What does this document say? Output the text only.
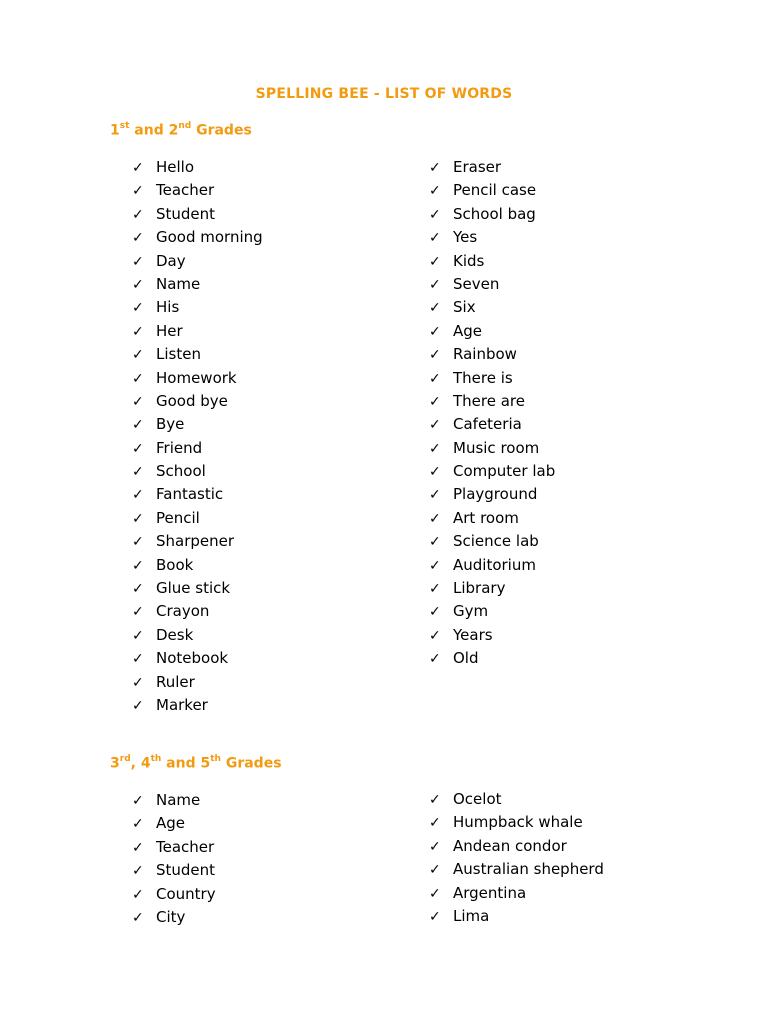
SPELLING BEE - LIST OF WORDS
1st and 2nd Grades
✓ Hello
✓ Teacher
✓ Student
✓ Good morning
✓ Day
✓ Name
✓ His
✓ Her
✓ Listen
✓ Homework
✓ Good bye
✓ Bye
✓ Friend
✓ School
✓ Fantastic
✓ Pencil
✓ Sharpener
✓ Book
✓ Glue stick
✓ Crayon
✓ Desk
✓ Notebook
✓ Ruler
✓ Marker
✓ Eraser
✓ Pencil case
✓ School bag
✓ Yes
✓ Kids
✓ Seven
✓ Six
✓ Age
✓ Rainbow
✓ There is
✓ There are
✓ Cafeteria
✓ Music room
✓ Computer lab
✓ Playground
✓ Art room
✓ Science lab
✓ Auditorium
✓ Library
✓ Gym
✓ Years
✓ Old
3rd, 4th and 5th Grades
✓ Name
✓ Age
✓ Teacher
✓ Student
✓ Country
✓ City
✓ Ocelot
✓ Humpback whale
✓ Andean condor
✓ Australian shepherd
✓ Argentina
✓ Lima
